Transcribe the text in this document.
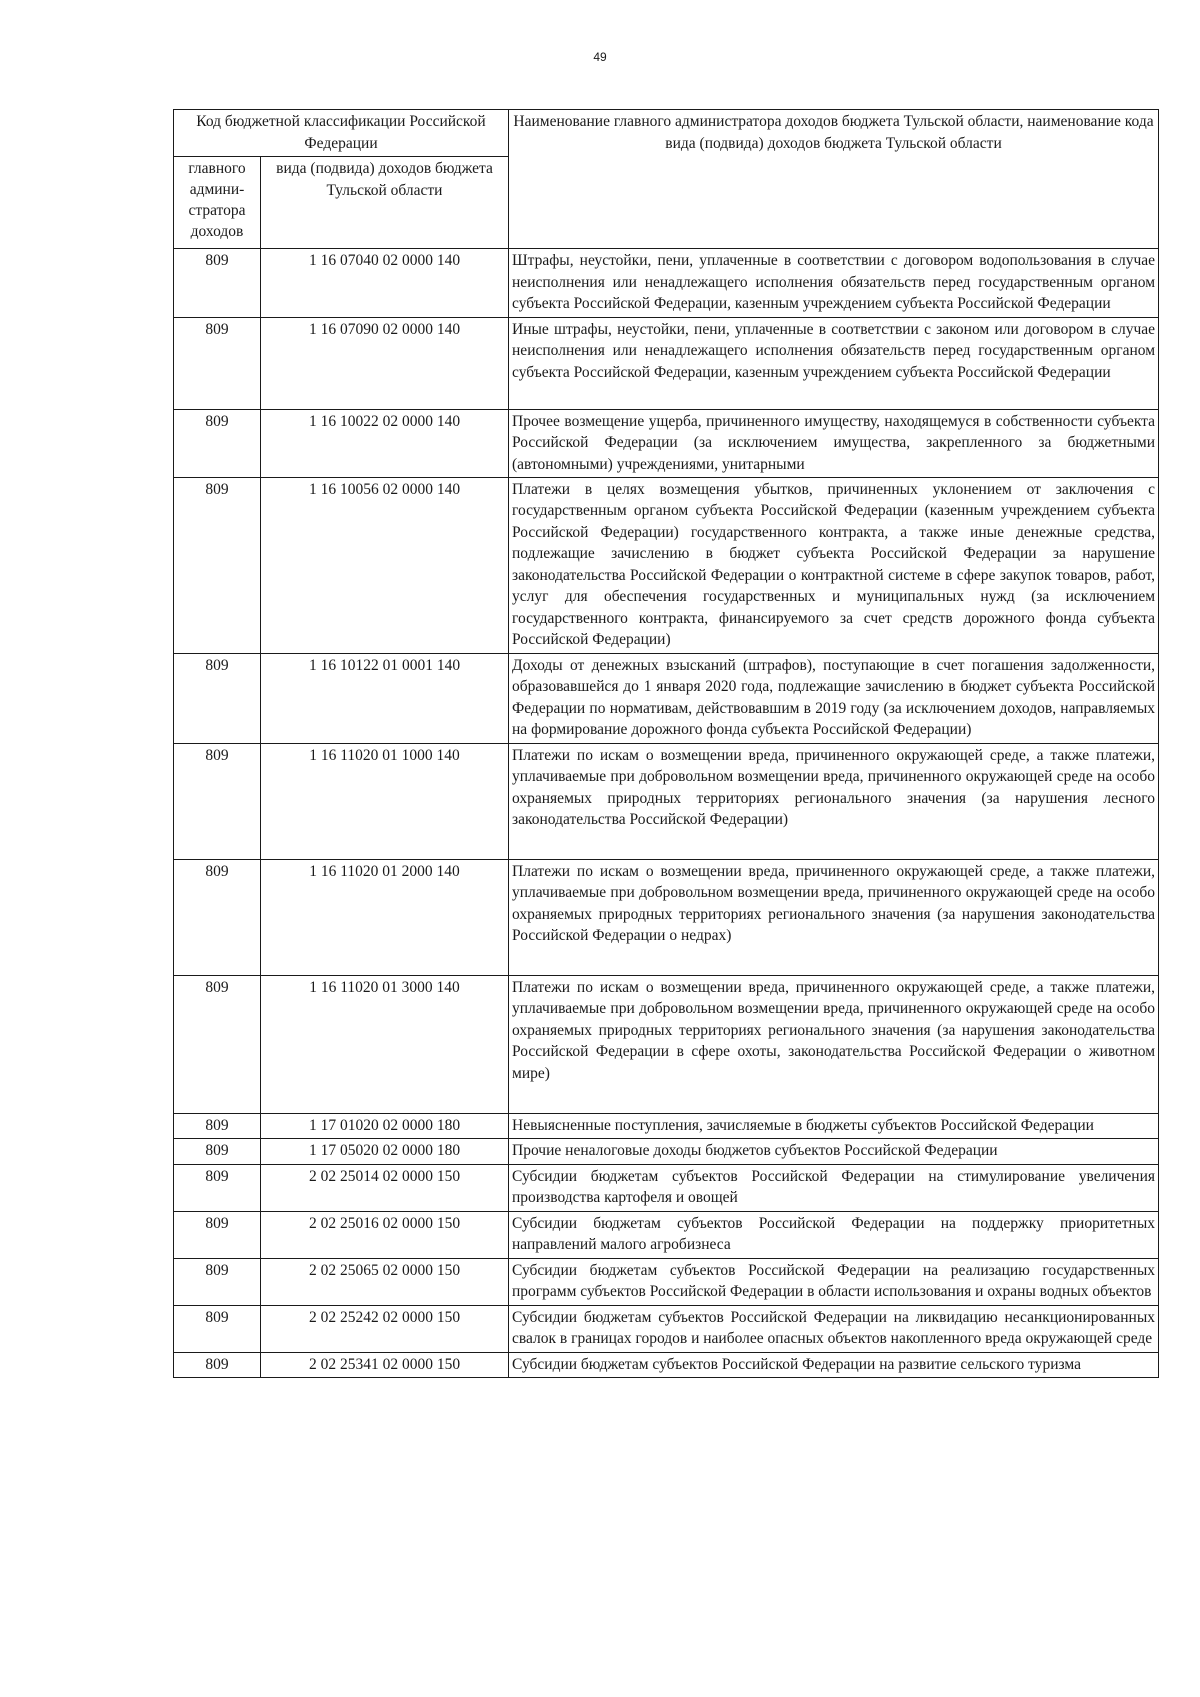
49
Код бюджетной классификации Российской Федерации		Наименование главного администратора доходов бюджета Тульской области, наименование кода вида (подвида) доходов бюджета Тульской области
главного админи-стратора доходов	вида (подвида) доходов бюджета Тульской области	
809	1 16 07040 02 0000 140	Штрафы, неустойки, пени, уплаченные в соответствии с договором водопользования в случае неисполнения или ненадлежащего исполнения обязательств перед государственным органом субъекта Российской Федерации, казенным учреждением субъекта Российской Федерации
809	1 16 07090 02 0000 140	Иные штрафы, неустойки, пени, уплаченные в соответствии с законом или договором в случае неисполнения или ненадлежащего исполнения обязательств перед государственным органом субъекта Российской Федерации, казенным учреждением субъекта Российской Федерации
809	1 16 10022 02 0000 140	Прочее возмещение ущерба, причиненного имуществу, находящемуся в собственности субъекта Российской Федерации (за исключением имущества, закрепленного за бюджетными (автономными) учреждениями, унитарными

809	1 16 10056 02 0000 140	Платежи в целях возмещения убытков, причиненных уклонением от заключения с государственным органом субъекта Российской Федерации (казенным учреждением субъекта Российской Федерации) государственного контракта, а также иные денежные средства, подлежащие зачислению в бюджет субъекта Российской Федерации за нарушение законодательства Российской Федерации о контрактной системе в сфере закупок товаров, работ, услуг для обеспечения государственных и муниципальных нужд (за исключением государственного контракта, финансируемого за счет средств дорожного фонда субъекта Российской Федерации)
809	1 16 10122 01 0001 140	Доходы от денежных взысканий (штрафов), поступающие в счет погашения задолженности, образовавшейся до 1 января 2020 года, подлежащие зачислению в бюджет субъекта Российской Федерации по нормативам, действовавшим в 2019 году (за исключением доходов, направляемых на формирование дорожного фонда субъекта Российской Федерации)
809	1 16 11020 01 1000 140	Платежи по искам о возмещении вреда, причиненного окружающей среде, а также платежи, уплачиваемые при добровольном возмещении вреда, причиненного окружающей среде на особо охраняемых природных территориях регионального значения (за нарушения лесного законодательства Российской Федерации)
809	1 16 11020 01 2000 140	Платежи по искам о возмещении вреда, причиненного окружающей среде, а также платежи, уплачиваемые при добровольном возмещении вреда, причиненного окружающей среде на особо охраняемых природных территориях регионального значения (за нарушения законодательства Российской Федерации о недрах)
809	1 16 11020 01 3000 140	Платежи по искам о возмещении вреда, причиненного окружающей среде, а также платежи, уплачиваемые при добровольном возмещении вреда, причиненного окружающей среде на особо охраняемых природных территориях регионального значения (за нарушения законодательства Российской Федерации в сфере охоты, законодательства Российской Федерации о животном мире)
809	1 17 01020 02 0000 180	Невыясненные поступления, зачисляемые в бюджеты субъектов Российской Федерации
809	1 17 05020 02 0000 180	Прочие неналоговые доходы бюджетов субъектов Российской Федерации
809	2 02 25014 02 0000 150	Субсидии бюджетам субъектов Российской Федерации на стимулирование увеличения производства картофеля и овощей
809	2 02 25016 02 0000 150	Субсидии бюджетам субъектов Российской Федерации на поддержку приоритетных направлений малого агробизнеса
809	2 02 25065 02 0000 150	Субсидии бюджетам субъектов Российской Федерации на реализацию государственных программ субъектов Российской Федерации в области использования и охраны водных объектов
809	2 02 25242 02 0000 150	Субсидии бюджетам субъектов Российской Федерации на ликвидацию несанкционированных свалок в границах городов и наиболее опасных объектов накопленного вреда окружающей среде
809	2 02 25341 02 0000 150	Субсидии бюджетам субъектов Российской Федерации на развитие сельского туризма
